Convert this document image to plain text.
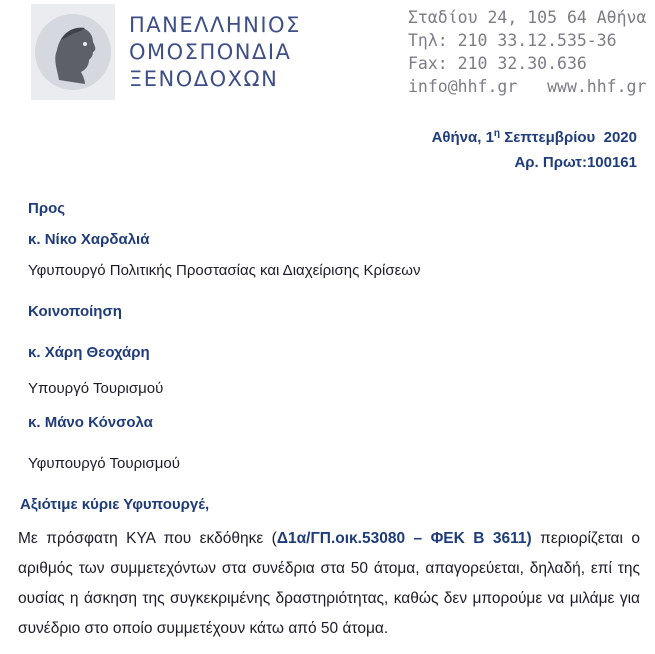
ΠΑΝΕΛΛΗΝΙΟΣ
ΟΜΟΣΠΟΝΔΙΑ
ΞΕΝΟΔΟΧΩΝ
Σταδίου 24, 105 64 Αθήνα
Τηλ: 210 33.12.535-36
Fax: 210 32.30.636
info@hhf.gr   www.hhf.gr
Αθήνα, $1^\eta$ Σεπτεμβρίου  2020
Αρ. Πρωτ:100161
Προς
κ. Νίκο Χαρδαλιά
Υφυπουργό Πολιτικής Προστασίας και Διαχείρισης Κρίσεων
Κοινοποίηση
κ. Χάρη Θεοχάρη
Υπουργό Τουρισμού
κ. Μάνο Κόνσολα
Υφυπουργό Τουρισμού
Αξιότιμε κύριε Υφυπουργέ,
Με πρόσφατη ΚΥΑ που εκδόθηκε (Δ1α/ΓΠ.οικ.53080 – ΦΕΚ Β 3611) περιορίζεται ο αριθμός των συμμετεχόντων στα συνέδρια στα 50 άτομα, απαγορεύεται, δηλαδή, επί της ουσίας η άσκηση της συγκεκριμένης δραστηριότητας, καθώς δεν μπορούμε να μιλάμε για συνέδριο στο οποίο συμμετέχουν κάτω από 50 άτομα.
